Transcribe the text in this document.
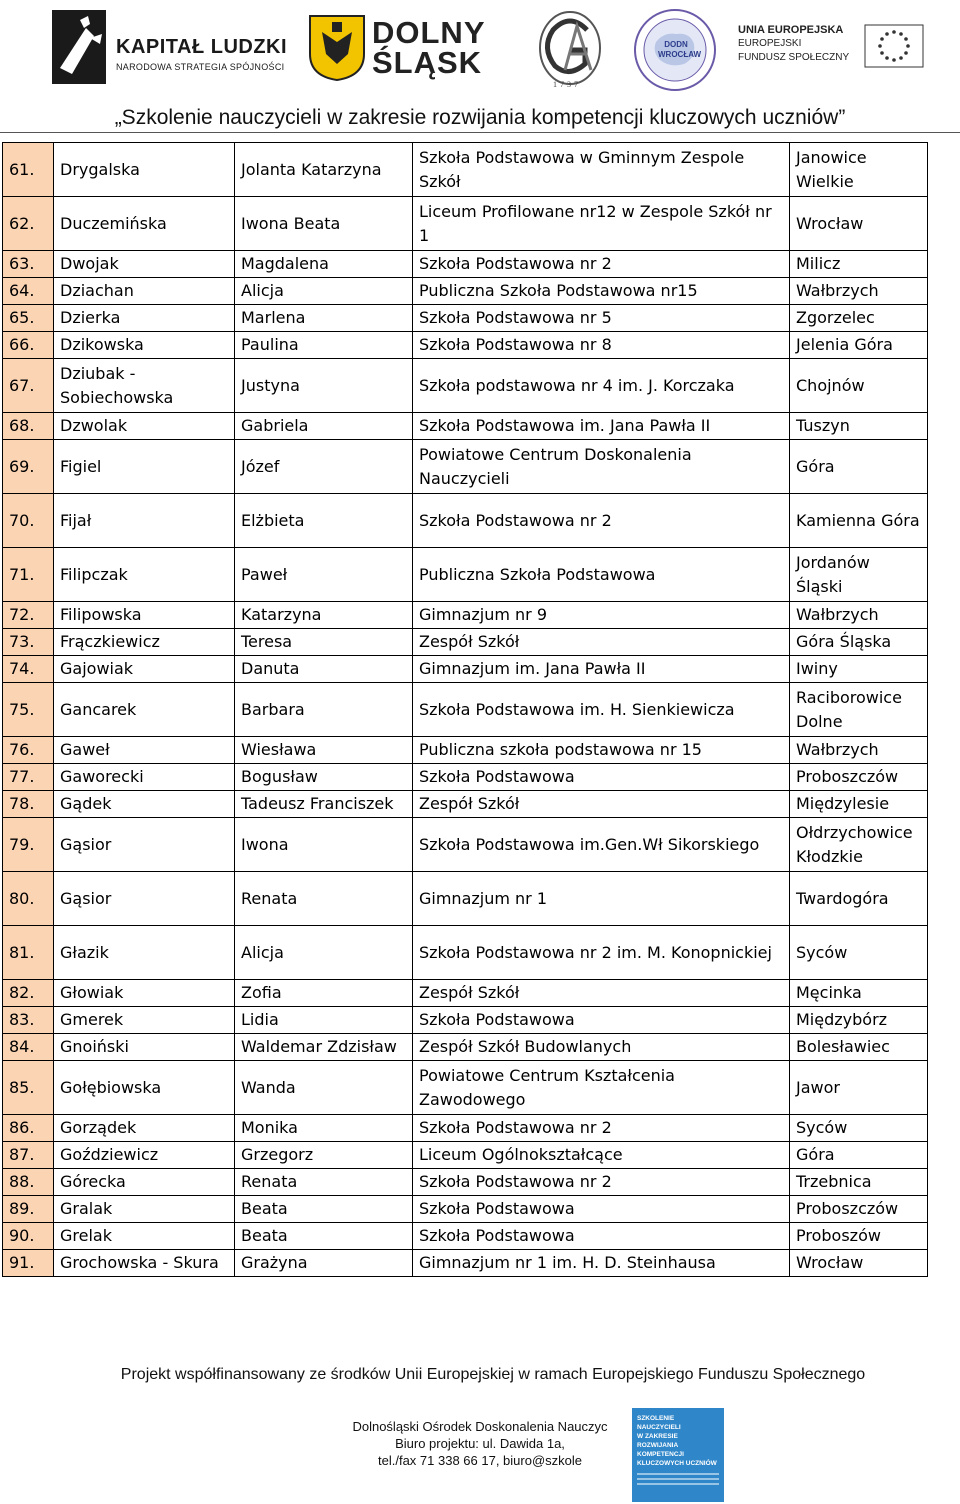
KAPITAŁ LUDZKI
NARODOWA STRATEGIA SPÓJNOŚCI
DOLNY
ŚLĄSK
1737
DODN WROCŁAW
UNIA EUROPEJSKA
EUROPEJSKI
FUNDUSZ SPOŁECZNY
„Szkolenie nauczycieli w zakresie rozwijania kompetencji kluczowych uczniów”
61.	Drygalska	Jolanta Katarzyna	Szkoła Podstawowa w Gminnym Zespole Szkół	Janowice Wielkie
62.	Duczemińska	Iwona Beata	Liceum Profilowane nr12 w Zespole Szkół nr 1	Wrocław
63.	Dwojak	Magdalena	Szkoła Podstawowa nr 2	Milicz
64.	Dziachan	Alicja	Publiczna Szkoła Podstawowa nr15	Wałbrzych
65.	Dzierka	Marlena	Szkoła Podstawowa nr 5	Zgorzelec
66.	Dzikowska	Paulina	Szkoła Podstawowa nr 8	Jelenia Góra
67.	Dziubak - Sobiechowska	Justyna	Szkoła podstawowa nr 4 im. J. Korczaka	Chojnów
68.	Dzwolak	Gabriela	Szkoła Podstawowa im. Jana Pawła II	Tuszyn
69.	Figiel	Józef	Powiatowe Centrum Doskonalenia Nauczycieli	Góra
70.	Fijał	Elżbieta	Szkoła Podstawowa nr 2	Kamienna Góra
71.	Filipczak	Paweł	Publiczna Szkoła Podstawowa	Jordanów Śląski
72.	Filipowska	Katarzyna	Gimnazjum nr 9	Wałbrzych
73.	Frączkiewicz	Teresa	Zespół Szkół	Góra Śląska
74.	Gajowiak	Danuta	Gimnazjum im. Jana Pawła II	Iwiny
75.	Gancarek	Barbara	Szkoła Podstawowa im. H. Sienkiewicza	Raciborowice Dolne
76.	Gaweł	Wiesława	Publiczna szkoła podstawowa nr 15	Wałbrzych
77.	Gaworecki	Bogusław	Szkoła Podstawowa	Proboszczów
78.	Gądek	Tadeusz Franciszek	Zespół Szkół	Międzylesie
79.	Gąsior	Iwona	Szkoła Podstawowa im.Gen.Wł Sikorskiego	Ołdrzychowice Kłodzkie
80.	Gąsior	Renata	Gimnazjum nr 1	Twardogóra
81.	Głazik	Alicja	Szkoła Podstawowa nr 2 im. M. Konopnickiej	Syców
82.	Głowiak	Zofia	Zespół Szkół	Męcinka
83.	Gmerek	Lidia	Szkoła Podstawowa	Międzybórz
84.	Gnoiński	Waldemar Zdzisław	Zespół Szkół Budowlanych	Bolesławiec
85.	Gołębiowska	Wanda	Powiatowe Centrum Kształcenia Zawodowego	Jawor
86.	Gorządek	Monika	Szkoła Podstawowa nr 2	Syców
87.	Goździewicz	Grzegorz	Liceum Ogólnokształcące	Góra
88.	Górecka	Renata	Szkoła Podstawowa nr 2	Trzebnica
89.	Gralak	Beata	Szkoła Podstawowa	Proboszczów
90.	Grelak	Beata	Szkoła Podstawowa	Proboszów
91.	Grochowska - Skura	Grażyna	Gimnazjum nr 1 im. H. D. Steinhausa	Wrocław
Projekt współfinansowany ze środków Unii Europejskiej w ramach Europejskiego Funduszu Społecznego
Dolnośląski Ośrodek Doskonalenia Nauczyc
Biuro projektu: ul. Dawida 1a,
tel./fax 71 338 66 17, biuro@szkole
SZKOLENIE NAUCZYCIELI
W ZAKRESIE
ROZWIJANIA
KOMPETENCJI
KLUCZOWYCH UCZNIÓW
